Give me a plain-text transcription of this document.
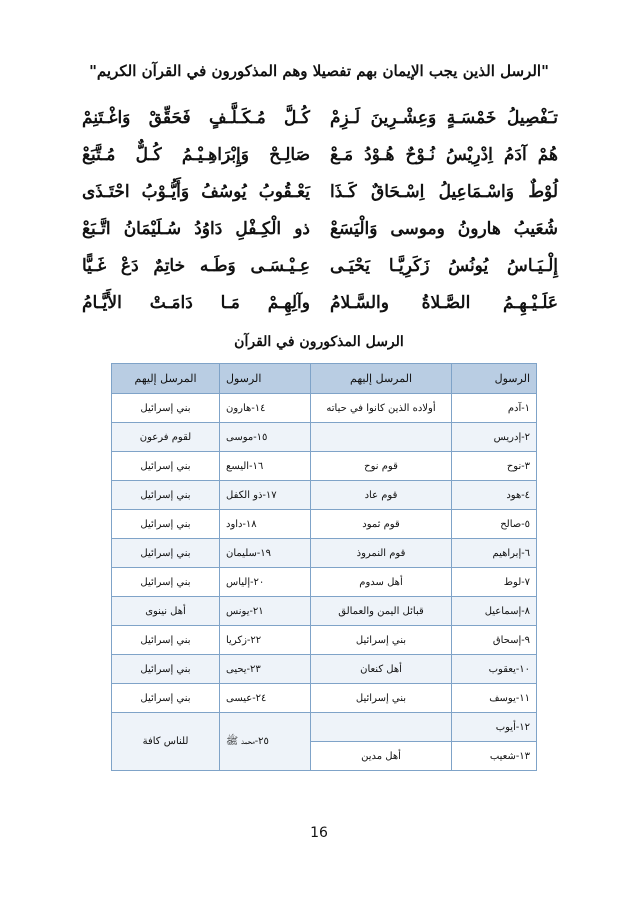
"الرسل الذين يجب الإيمان بهم تفصيلا وهم المذكورون في القرآن الكريم"
تـَفْصِيلُ خَمْسَـةٍ وَعِشْـرِينَ لَـزِمْ
كُـلَّ مُـكَـلَّـفٍ فَحَقِّقْ وَاغْـتَنِمْ
هُمْ آدَمُ اِدْرِيْسُ نُـوْحٌ هُـوْدُ مَـعْ
صَالِـحْ وَإِبْرَاهِـيْـمُ كُـلٌّ مُـتَّبَعْ
لُوْطٌ وَاسْـمَاعِيلُ اِسْـحَاقٌ كَـذَا
يَعْـقُوبُ يُوسُفُ وَأَيُّـوْبُ احْتَـذَى
شُعَيبُ هارونُ وموسى وَالْيَسَعْ
ذو الْكِـفْلِ دَاوُدُ سُـلَيْمَانُ اتَّـبَعْ
إِلْـيَـاسُ يُونُسُ زَكَرِيَّـا يَحْيَـى
عِـيْـسَـى وَطَـه خاتِمٌ دَعْ غَـيًّا
عَلَـيْـهِـمُ الصَّـلاةُ والسَّـلامُ
وآلِهِـمْ مَـا دَامَـتْ الأَيَّـامُ
الرسل المذكورون في القرآن
الرسول	المرسل إليهم	الرسول	المرسل إليهم
١-آدم	أولاده الذين كانوا في حياته	١٤-هارون	بني إسرائيل
٢-إدريس		١٥-موسى	لقوم فرعون
٣-نوح	قوم نوح	١٦-اليسع	بني إسرائيل
٤-هود	قوم عاد	١٧-ذو الكفل	بني إسرائيل
٥-صالح	قوم ثمود	١٨-داود	بني إسرائيل
٦-إبراهيم	قوم النمروذ	١٩-سليمان	بني إسرائيل
٧-لوط	أهل سدوم	٢٠-إلياس	بني إسرائيل
٨-إسماعيل	قبائل اليمن والعمالق	٢١-يونس	أهل نينوى
٩-إسحاق	بني إسرائيل	٢٢-زكريا	بني إسرائيل
١٠-يعقوب	أهل كنعان	٢٣-يحيى	بني إسرائيل
١١-يوسف	بني إسرائيل	٢٤-عيسى	بني إسرائيل
١٢-أيوب		٢٥-محمد ﷺ	للناس كافة
١٣-شعيب	أهل مدين		
16
